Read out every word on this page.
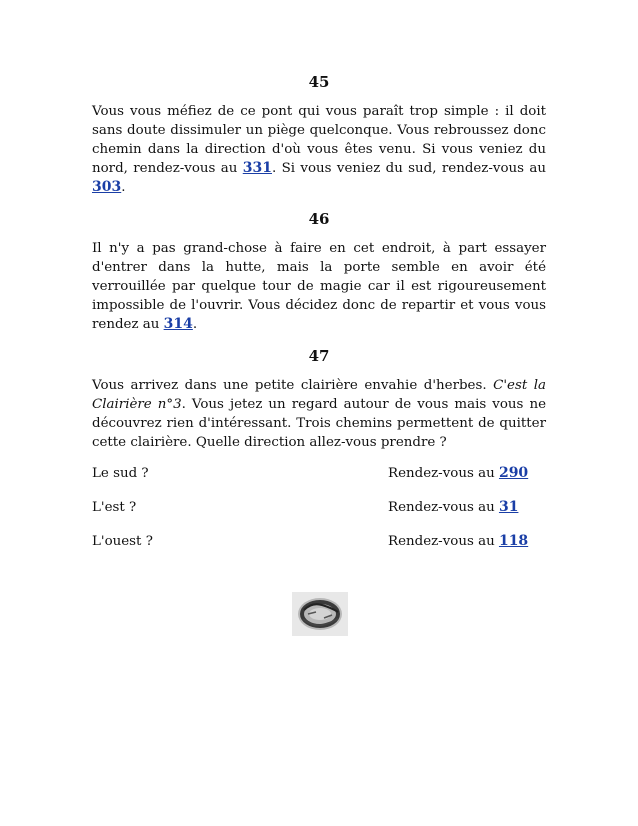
45

Vous vous méfiez de ce pont qui vous paraît trop simple : il doit sans doute dissimuler un piège quelconque. Vous rebroussez donc chemin dans la direction d'où vous êtes venu. Si vous veniez du nord, rendez-vous au 331. Si vous veniez du sud, rendez-vous au 303.

46

Il n'y a pas grand-chose à faire en cet endroit, à part essayer d'entrer dans la hutte, mais la porte semble en avoir été verrouillée par quelque tour de magie car il est rigoureusement impossible de l'ouvrir. Vous décidez donc de repartir et vous vous rendez au 314.

47

Vous arrivez dans une petite clairière envahie d'herbes. C'est la Clairière n°3. Vous jetez un regard autour de vous mais vous ne découvrez rien d'intéressant. Trois chemins permettent de quitter cette clairière. Quelle direction allez-vous prendre ?

Le sud ?	Rendez-vous au 290
L'est ?	Rendez-vous au 31
L'ouest ?	Rendez-vous au 118
